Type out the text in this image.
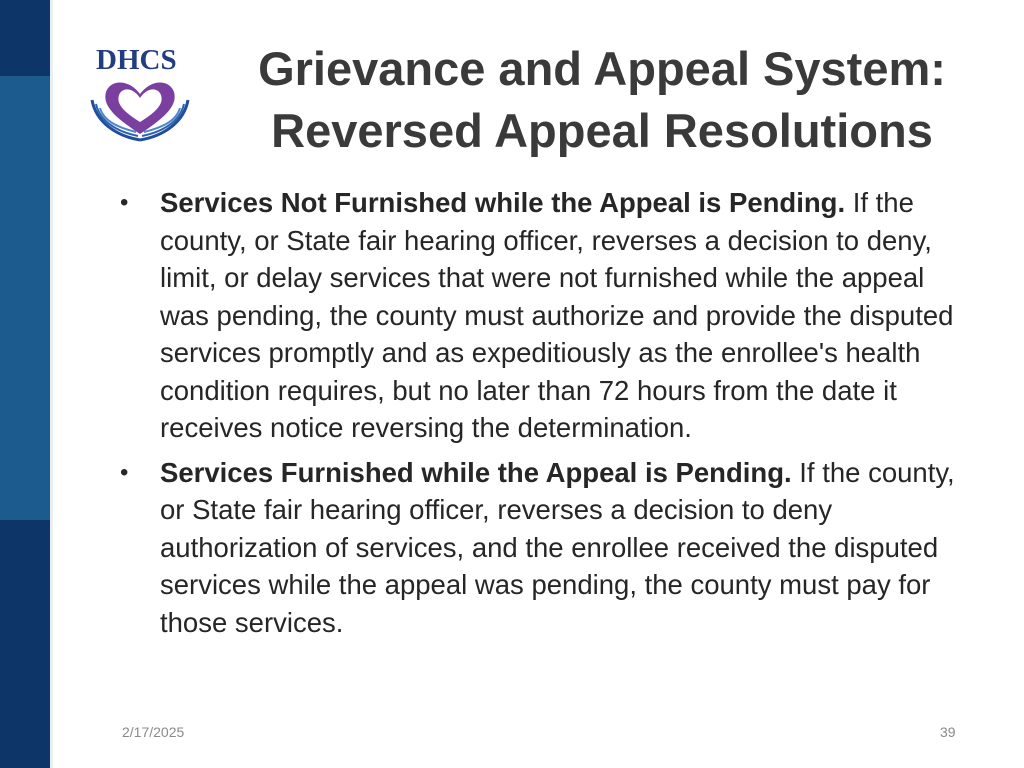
DHCS	Grievance and Appeal System:
Reversed Appeal Resolutions
• Services Not Furnished while the Appeal is Pending. If the county, or State fair hearing officer, reverses a decision to deny, limit, or delay services that were not furnished while the appeal was pending, the county must authorize and provide the disputed services promptly and as expeditiously as the enrollee's health condition requires, but no later than 72 hours from the date it receives notice reversing the determination.
• Services Furnished while the Appeal is Pending. If the county, or State fair hearing officer, reverses a decision to deny authorization of services, and the enrollee received the disputed services while the appeal was pending, the county must pay for those services.
2/17/2025	39
